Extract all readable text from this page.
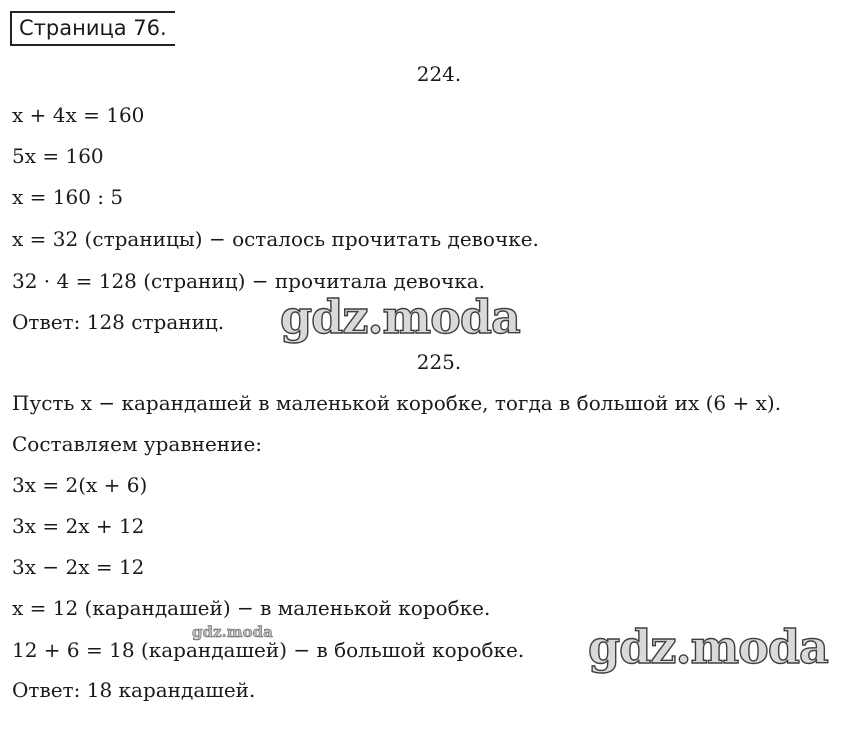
Страница 76.
224.
x + 4x = 160
5x = 160
x = 160 : 5
x = 32 (страницы) − осталось прочитать девочке.
32 · 4 = 128 (страниц) − прочитала девочка.
Ответ: 128 страниц.
225.
Пусть x − карандашей в маленькой коробке, тогда в большой их (6 + x).
Составляем уравнение:
3x = 2(x + 6)
3x = 2x + 12
3x − 2x = 12
x = 12 (карандашей) − в маленькой коробке.
12 + 6 = 18 (карандашей) − в большой коробке.
Ответ: 18 карандашей.
gdz.moda
gdz.moda
gdz.moda
